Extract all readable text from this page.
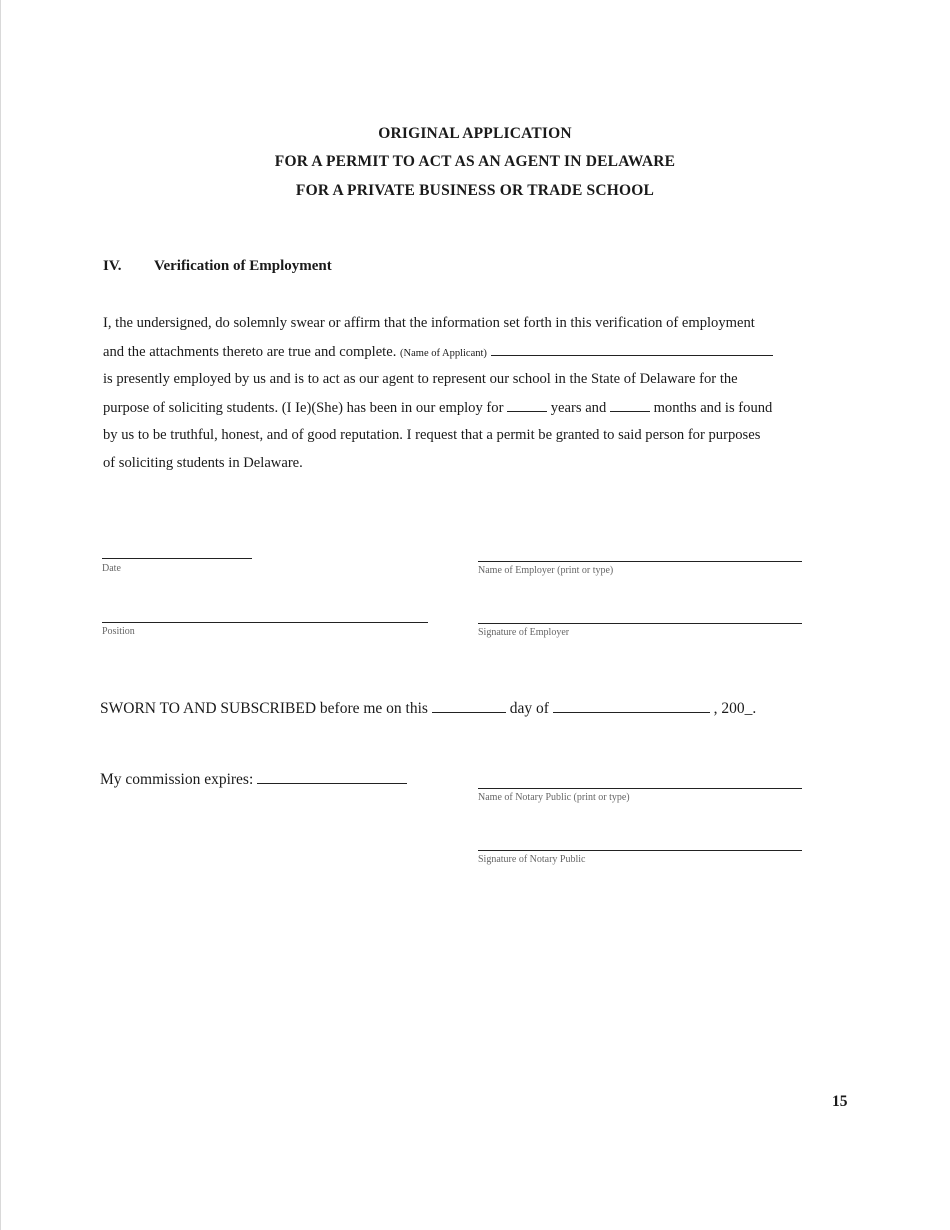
ORIGINAL APPLICATION
FOR A PERMIT TO ACT AS AN AGENT IN DELAWARE
FOR A PRIVATE BUSINESS OR TRADE SCHOOL
IV. Verification of Employment
I, the undersigned, do solemnly swear or affirm that the information set forth in this verification of employment
and the attachments thereto are true and complete. (Name of Applicant)
is presently employed by us and is to act as our agent to represent our school in the State of Delaware for the
purpose of soliciting students. (I Ie)(She) has been in our employ for	years and	months and is found
by us to be truthful, honest, and of good reputation. I request that a permit be granted to said person for purposes
of soliciting students in Delaware.
Date	Name of Employer (print or type)
Position	Signature of Employer
SWORN TO AND SUBSCRIBED before me on this	day of	, 200_.
My commission expires:
Name of Notary Public (print or type)
Signature of Notary Public
15
